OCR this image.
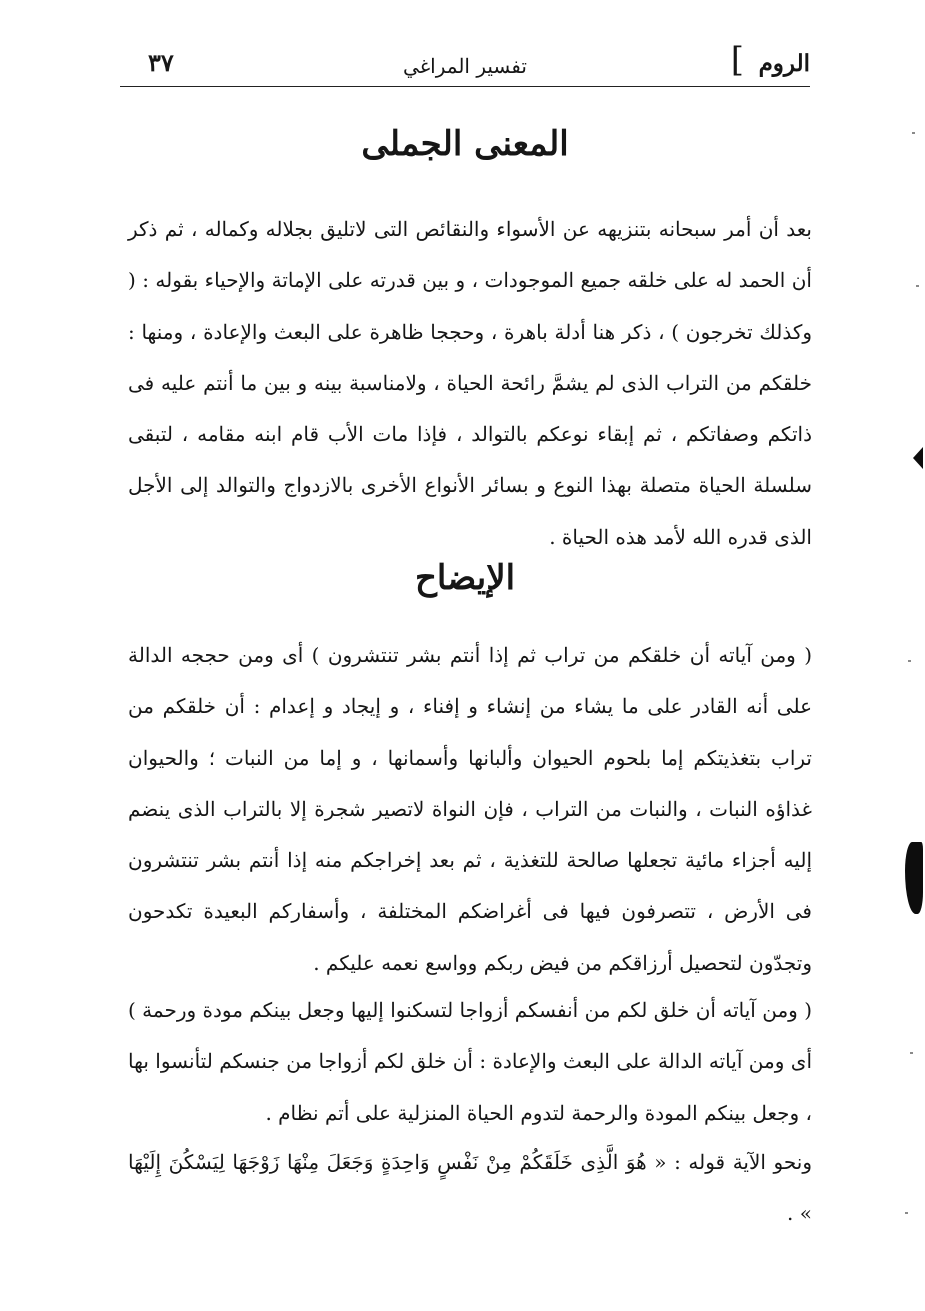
الروم
]
تفسير المراغي
٣٧
المعنى الجملى

بعد أن أمر سبحانه بتنزيهه عن الأسواء والنقائص التى لاتليق بجلاله وكماله ، ثم ذكر أن الحمد له على خلقه جميع الموجودات ، و بين قدرته على الإماتة والإحياء بقوله : ( وكذلك تخرجون ) ، ذكر هنا أدلة باهرة ، وحججا ظاهرة على البعث والإعادة ، ومنها : خلقكم من التراب الذى لم يشمَّ رائحة الحياة ، ولامناسبة بينه و بين ما أنتم عليه فى ذاتكم وصفاتكم ، ثم إبقاء نوعكم بالتوالد ، فإذا مات الأب قام ابنه مقامه ، لتبقى سلسلة الحياة متصلة بهذا النوع و بسائر الأنواع الأخرى بالازدواج والتوالد إلى الأجل الذى قدره الله لأمد هذه الحياة .

الإيضاح

( ومن آياته أن خلقكم من تراب ثم إذا أنتم بشر تنتشرون ) أى ومن حججه الدالة على أنه القادر على ما يشاء من إنشاء و إفناء ، و إيجاد و إعدام : أن خلقكم من تراب بتغذيتكم إما بلحوم الحيوان وألبانها وأسمانها ، و إما من النبات ؛ والحيوان غذاؤه النبات ، والنبات من التراب ، فإن النواة لاتصير شجرة إلا بالتراب الذى ينضم إليه أجزاء مائية تجعلها صالحة للتغذية ، ثم بعد إخراجكم منه إذا أنتم بشر تنتشرون فى الأرض ، تتصرفون فيها فى أغراضكم المختلفة ، وأسفاركم البعيدة تكدحون وتجدّون لتحصيل أرزاقكم من فيض ربكم وواسع نعمه عليكم .

( ومن آياته أن خلق لكم من أنفسكم أزواجا لتسكنوا إليها وجعل بينكم مودة ورحمة ) أى ومن آياته الدالة على البعث والإعادة : أن خلق لكم أزواجا من جنسكم لتأنسوا بها ، وجعل بينكم المودة والرحمة لتدوم الحياة المنزلية على أتم نظام .

ونحو الآية قوله : « هُوَ الَّذِى خَلَقَكُمْ مِنْ نَفْسٍ وَاحِدَةٍ وَجَعَلَ مِنْهَا زَوْجَهَا لِيَسْكُنَ إِلَيْهَا » .
